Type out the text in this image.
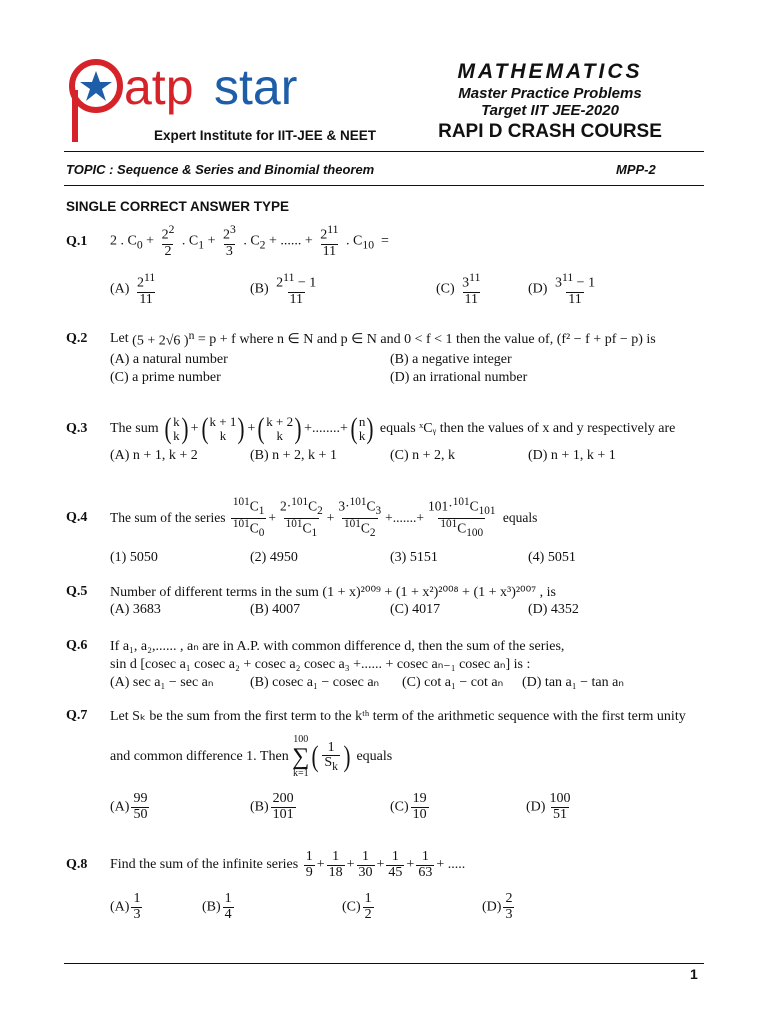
atp star
Expert Institute for IIT-JEE & NEET
MATHEMATICS
Master Practice Problems
Target IIT JEE-2020
RAPI D CRASH COURSE
TOPIC : Sequence & Series and Binomial theorem	MPP-2
SINGLE CORRECT ANSWER TYPE
Q.1	2 . $C_0 + \frac{2^2}{2}$ . $C_1 + \frac{2^3}{3}$ . $C_2$ + ...... + $\frac{2^{11}}{11}$ . $C_{10}$  =
$(A) \frac{2^{11}}{11}$	$(B) \frac{2^{11} - 1}{11}$	$(C) \frac{3^{11}}{11}$	$(D) \frac{3^{11} - 1}{11}$
Q.2	Let
(5 + 2√6 )$^n$
= p + f where n ∈ N and p ∈ N and 0 < f < 1 then the value of, (f² − f + pf − p) is
(A) a natural number	(B) a negative integer
(C) a prime number	(D) an irrational number
Q.3	The sum
( k
k ) + ( k + 1
k ) + ( k + 2
k ) +........+ ( n
k )
equals ˣCᵧ then the values of x and y respectively are
(A) n + 1, k + 2	(B) n + 2, k + 1	(C) n + 2, k	(D) n + 1, k + 1
Q.4	The sum of the series
$\frac{^{101}C_1}{^{101}C_0} + \frac{2\cdot^{101}C_2}{^{101}C_1} + \frac{3\cdot^{101}C_3}{^{101}C_2}$ +.......+ $\frac{101\cdot^{101}C_{101}}{^{101}C_{100}}$
equals
(1) 5050	(2) 4950	(3) 5151	(4) 5051
Q.5	Number of different terms in the sum (1 + x)²⁰⁰⁹ + (1 + x²)²⁰⁰⁸ + (1 + x³)²⁰⁰⁷ , is
(A) 3683	(B) 4007	(C) 4017	(D) 4352
Q.6	If a₁, a₂,...... , aₙ are in A.P. with common difference d, then the sum of the series,
sin d [cosec a₁ cosec a₂ + cosec a₂ cosec a₃ +...... + cosec aₙ₋₁ cosec aₙ] is :
(A) sec a₁ − sec aₙ	(B) cosec a₁ − cosec aₙ (C) cot a₁ − cot aₙ (D) tan a₁ − tan aₙ
Q.7	Let Sₖ be the sum from the first term to the kᵗʰ term of the arithmetic sequence with the first term unity
and common difference 1. Then

100
∑
k=1
( $\frac{1}{S_k}$ )
equals
$(A) \frac{99}{50}$	$(B) \frac{200}{101}$	$(C) \frac{19}{10}$	$(D) \frac{100}{51}$
Q.8	Find the sum of the infinite series
$\frac{1}{9} + \frac{1}{18} + \frac{1}{30} + \frac{1}{45} + \frac{1}{63}$ + .....
$(A) \frac{1}{3}$	$(B) \frac{1}{4}$	$(C) \frac{1}{2}$	$(D) \frac{2}{3}$
1
